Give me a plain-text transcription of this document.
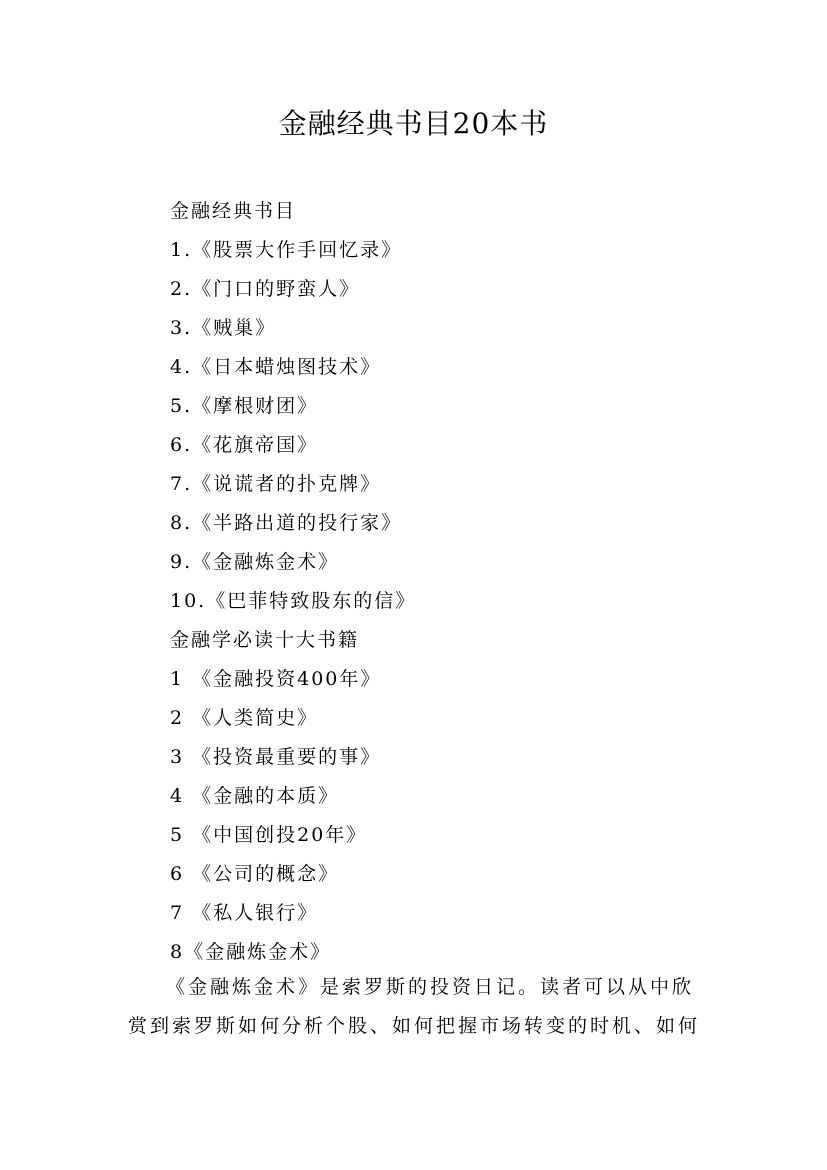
金融经典书目20本书
金融经典书目
1.《股票大作手回忆录》
2.《门口的野蛮人》
3.《贼巢》
4.《日本蜡烛图技术》
5.《摩根财团》
6.《花旗帝国》
7.《说谎者的扑克牌》
8.《半路出道的投行家》
9.《金融炼金术》
10.《巴菲特致股东的信》
金融学必读十大书籍
1 《金融投资400年》
2 《人类简史》
3 《投资最重要的事》
4 《金融的本质》
5 《中国创投20年》
6 《公司的概念》
7 《私人银行》
8《金融炼金术》
《金融炼金术》是索罗斯的投资日记。读者可以从中欣
赏到索罗斯如何分析个股、如何把握市场转变的时机、如何
